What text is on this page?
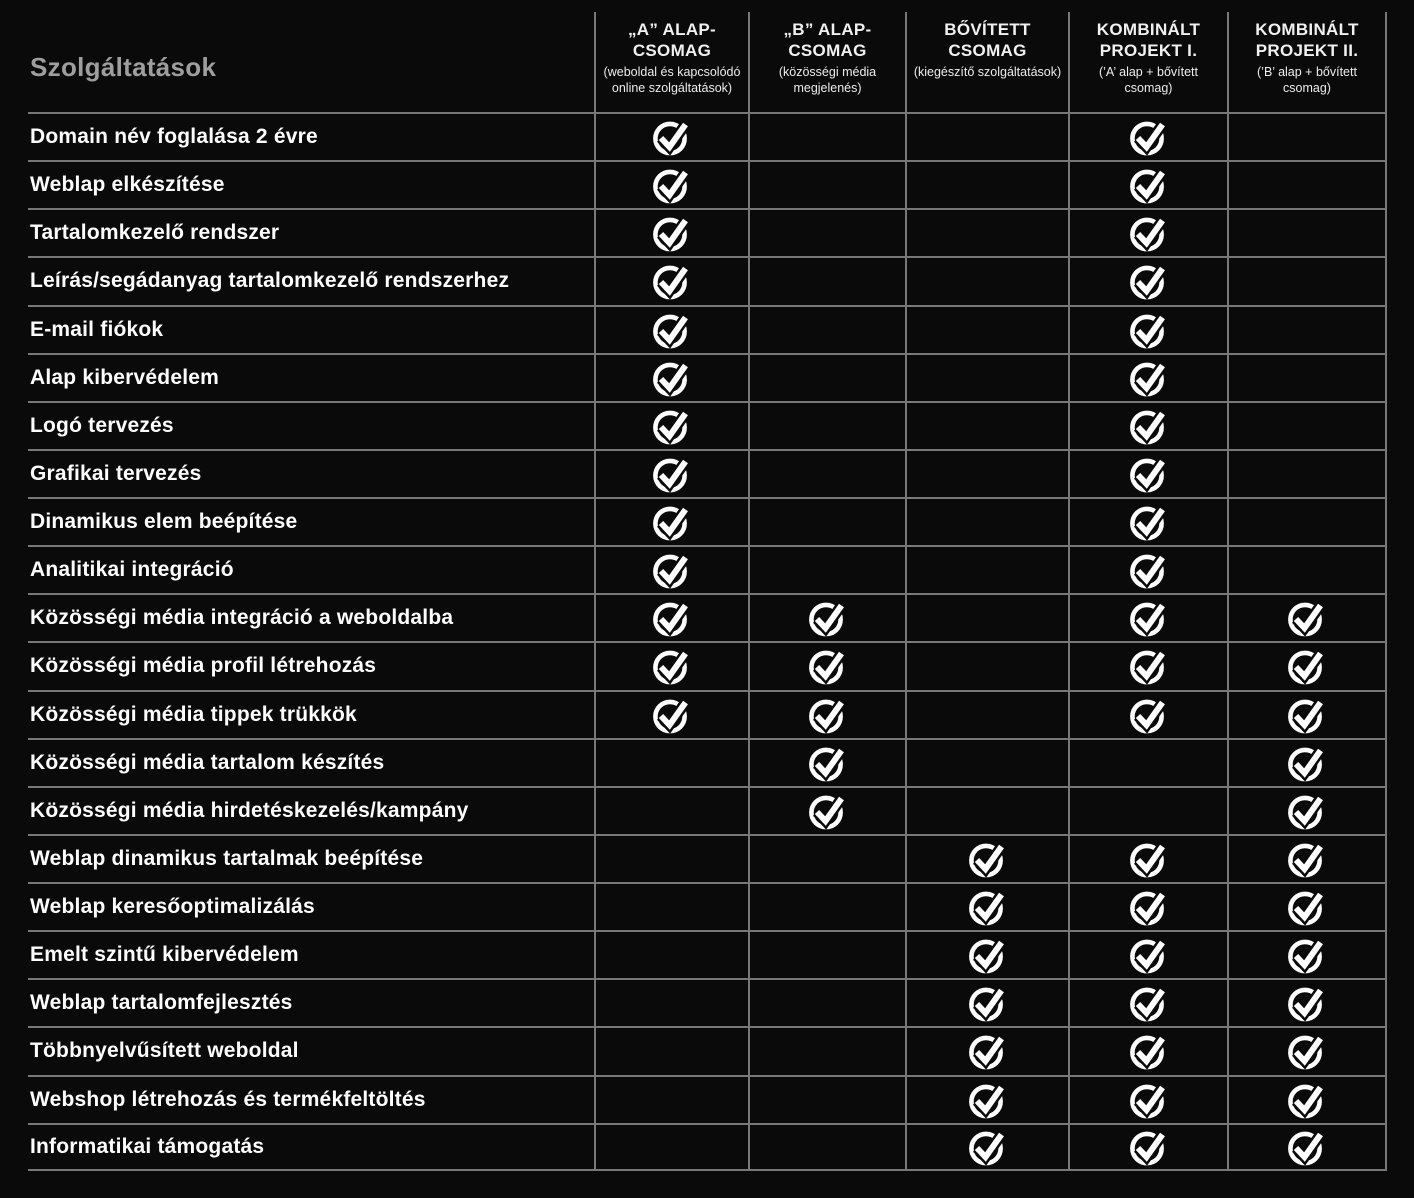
Szolgáltatások
„A” ALAP-CSOMAG
(weboldal és kapcsolódó online szolgáltatások)
„B” ALAP-CSOMAG
(közösségi média megjelenés)
BŐVÍTETT CSOMAG
(kiegészítő szolgáltatások)
KOMBINÁLT PROJEKT I.
(’A’ alap + bővített csomag)
KOMBINÁLT PROJEKT II.
(’B’ alap + bővített csomag)
Domain név foglalása 2 évre
Weblap elkészítése
Tartalomkezelő rendszer
Leírás/segádanyag tartalomkezelő rendszerhez
E-mail fiókok
Alap kibervédelem
Logó tervezés
Grafikai tervezés
Dinamikus elem beépítése
Analitikai integráció
Közösségi média integráció a weboldalba
Közösségi média profil létrehozás
Közösségi média tippek trükkök
Közösségi média tartalom készítés
Közösségi média hirdetéskezelés/kampány
Weblap dinamikus tartalmak beépítése
Weblap keresőoptimalizálás
Emelt szintű kibervédelem
Weblap tartalomfejlesztés
Többnyelvűsített weboldal
Webshop létrehozás és termékfeltöltés
Informatikai támogatás
